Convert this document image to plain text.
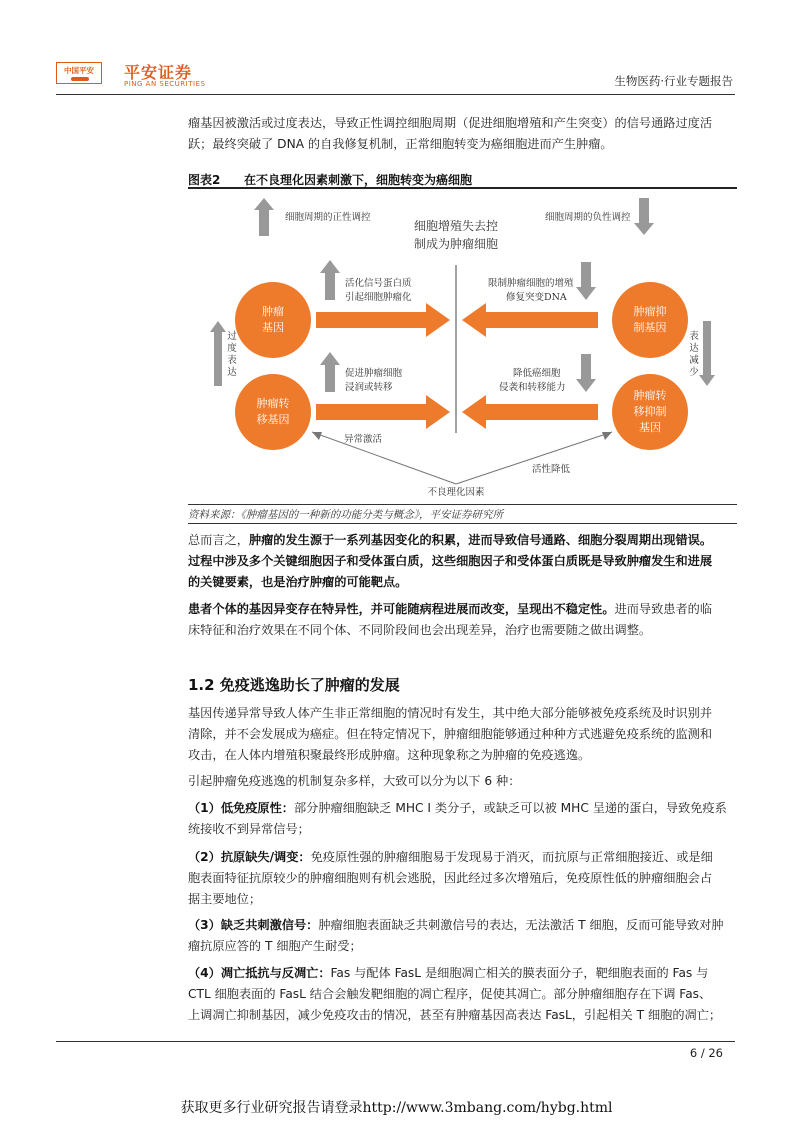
中国平安	平安证券
PING AN SECURITIES	生物医药·行业专题报告
瘤基因被激活或过度表达，导致正性调控细胞周期（促进细胞增殖和产生突变）的信号通路过度活
跃；最终突破了 DNA 的自我修复机制，正常细胞转变为癌细胞进而产生肿瘤。
图表2 在不良理化因素刺激下，细胞转变为癌细胞
细胞周期的正性调控	细胞周期的负性调控
细胞增殖失去控
制成为肿瘤细胞
肿瘤
基因
肿瘤转
移基因
肿瘤抑
制基因
肿瘤转
移抑制
基因
活化信号蛋白质
引起细胞肿瘤化
限制肿瘤细胞的增殖
修复突变DNA
促进肿瘤细胞
浸润或转移
降低癌细胞
侵袭和转移能力
过
度
表
达
表
达
减
少
异常激活
活性降低
不良理化因素
资料来源：《肿瘤基因的一种新的功能分类与概念》，平安证券研究所
总而言之，肿瘤的发生源于一系列基因变化的积累，进而导致信号通路、细胞分裂周期出现错误。
过程中涉及多个关键细胞因子和受体蛋白质，这些细胞因子和受体蛋白质既是导致肿瘤发生和进展
的关键要素，也是治疗肿瘤的可能靶点。
患者个体的基因异变存在特异性，并可能随病程进展而改变，呈现出不稳定性。进而导致患者的临
床特征和治疗效果在不同个体、不同阶段间也会出现差异，治疗也需要随之做出调整。
1.2 免疫逃逸助长了肿瘤的发展
基因传递异常导致人体产生非正常细胞的情况时有发生，其中绝大部分能够被免疫系统及时识别并
清除，并不会发展成为癌症。但在特定情况下，肿瘤细胞能够通过种种方式逃避免疫系统的监测和
攻击，在人体内增殖积聚最终形成肿瘤。这种现象称之为肿瘤的免疫逃逸。
引起肿瘤免疫逃逸的机制复杂多样，大致可以分为以下 6 种：
（1）低免疫原性：部分肿瘤细胞缺乏 MHC I 类分子，或缺乏可以被 MHC 呈递的蛋白，导致免疫系
统接收不到异常信号；
（2）抗原缺失/调变：免疫原性强的肿瘤细胞易于发现易于消灭，而抗原与正常细胞接近、或是细
胞表面特征抗原较少的肿瘤细胞则有机会逃脱，因此经过多次增殖后，免疫原性低的肿瘤细胞会占
据主要地位；
（3）缺乏共刺激信号：肿瘤细胞表面缺乏共刺激信号的表达，无法激活 T 细胞，反而可能导致对肿
瘤抗原应答的 T 细胞产生耐受；
（4）凋亡抵抗与反凋亡：Fas 与配体 FasL 是细胞凋亡相关的膜表面分子，靶细胞表面的 Fas 与
CTL 细胞表面的 FasL 结合会触发靶细胞的凋亡程序，促使其凋亡。部分肿瘤细胞存在下调 Fas、
上调凋亡抑制基因，减少免疫攻击的情况，甚至有肿瘤基因高表达 FasL，引起相关 T 细胞的凋亡；
6 / 26
获取更多行业研究报告请登录http://www.3mbang.com/hybg.html
